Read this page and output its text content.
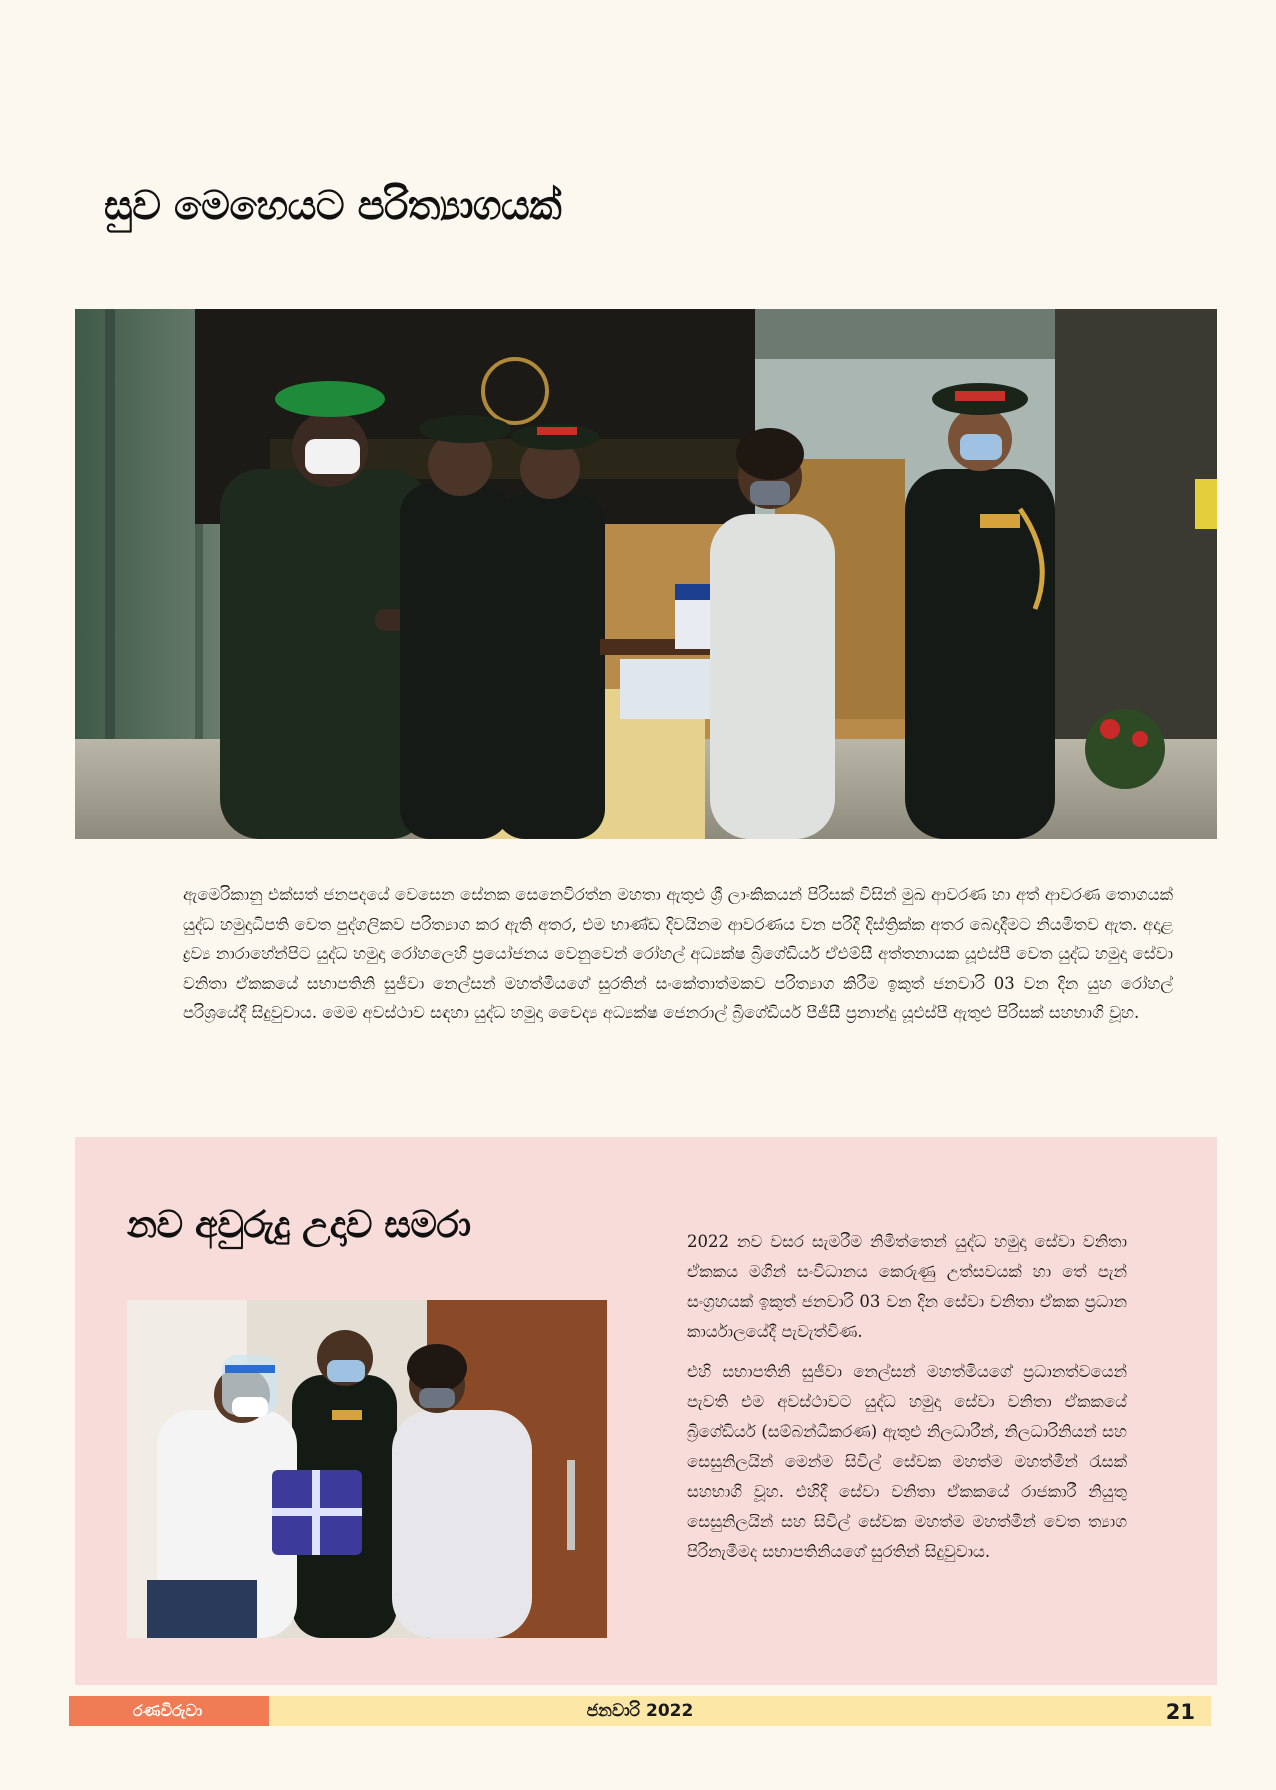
සුව මෙහෙයට පරිත්‍යාගයක්

ඇමෙරිකානු එක්සත් ජනපදයේ වෙසෙන සේනක සෙනෙවිරත්න මහතා ඇතුළු ශ්‍රී ලාංකිකයන් පිරිසක් විසින් මුඛ ආවරණ හා අත් ආවරණ තොගයක් යුද්ධ හමුදාධිපති වෙත පුද්ගලිකව පරිත්‍යාග කර ඇති අතර, එම භාණ්ඩ දිවයිනම ආවරණය වන පරිදි දිස්ත්‍රික්ක අතර බෙදාදීමට නියමිතව ඇත. අදාළ ද්‍රව්‍ය නාරාහේන්පිට යුද්ධ හමුදා රෝහලෙහි ප්‍රයෝජනය වෙනුවෙන් රෝහල් අධ්‍යක්ෂ බ්‍රිගේඩියර් ඒඑම්සී අත්තනායක යූඑස්පී වෙත යුද්ධ හමුදා සේවා වනිතා ඒකකයේ සභාපතිනි සුජීවා නෙල්සන් මහත්මියගේ සුරතින් සංකේතාත්මකව පරිත්‍යාග කිරීම ඉකුත් ජනවාරි 03 වන දින යුහ රෝහල් පරිශ්‍රයේදී සිදුවුවාය. මෙම අවස්ථාව සඳහා යුද්ධ හමුදා වෛද්‍ය අධ්‍යක්ෂ ජෙනරාල් බ්‍රිගේඩියර් පීජීසී ප්‍රනාන්දු යූඑස්පී ඇතුළු පිරිසක් සහභාගි වූහ.

නව අවුරුදු උදාව සමරා	2022 නව වසර සැමරීම නිමිත්තෙන් යුද්ධ හමුදා සේවා වනිතා ඒකකය මගින් සංවිධානය කෙරුණු උත්සවයක් හා තේ පැන් සංග්‍රහයක් ඉකුත් ජනවාරි 03 වන දින සේවා වනිතා ඒකක ප්‍රධාන කාර්යාලයේදී පැවැත්විණ.

එහි සභාපතිනි සුජීවා නෙල්සන් මහත්මියගේ ප්‍රධානත්වයෙන් පැවති එම අවස්ථාවට යුද්ධ හමුදා සේවා වනිතා ඒකකයේ බ්‍රිගේඩියර් (සම්බන්ධීකරණ) ඇතුළු නිලධාරීන්, නිලධාරිනියන් සහ සෙසුනිලයින් මෙන්ම සිවිල් සේවක මහත්ම මහත්මීන් රැසක් සහභාගි වූහ. එහිදී සේවා වනිතා ඒකකයේ රාජකාරී නියුතු සෙසුනිලයින් සහ සිවිල් සේවක මහත්ම මහත්මීන් වෙත ත්‍යාග පිරිනැමීමද සභාපතිනියගේ සුරතින් සිදුවුවාය.

රණවිරුවා	ජනවාරි 2022	21
